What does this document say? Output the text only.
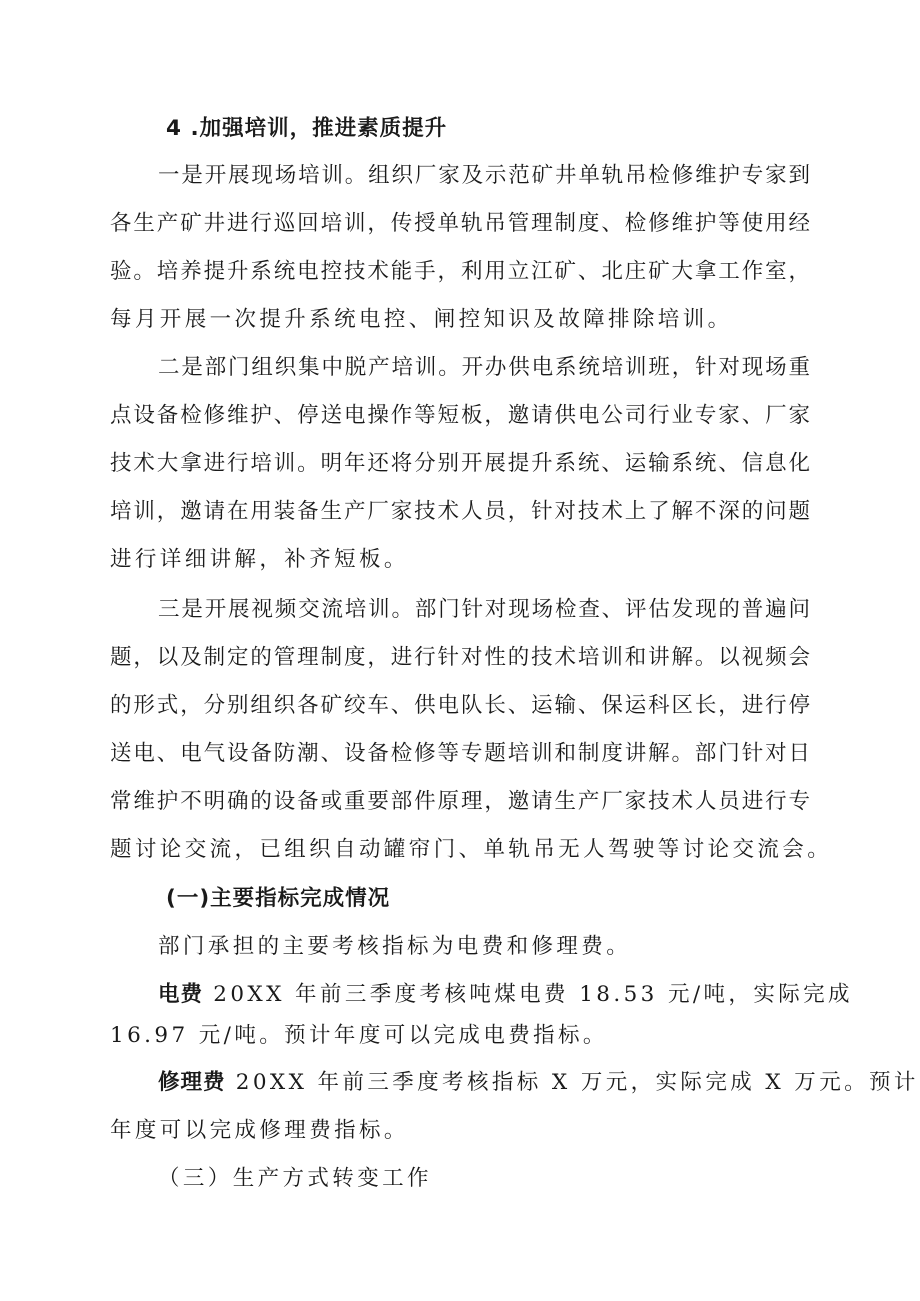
4 .加强培训，推进素质提升
一是开展现场培训。组织厂家及示范矿井单轨吊检修维护专家到
各生产矿井进行巡回培训，传授单轨吊管理制度、检修维护等使用经
验。培养提升系统电控技术能手，利用立江矿、北庄矿大拿工作室，
每月开展一次提升系统电控、闸控知识及故障排除培训。
二是部门组织集中脱产培训。开办供电系统培训班，针对现场重
点设备检修维护、停送电操作等短板，邀请供电公司行业专家、厂家
技术大拿进行培训。明年还将分别开展提升系统、运输系统、信息化
培训，邀请在用装备生产厂家技术人员，针对技术上了解不深的问题
进行详细讲解，补齐短板。
三是开展视频交流培训。部门针对现场检查、评估发现的普遍问
题，以及制定的管理制度，进行针对性的技术培训和讲解。以视频会
的形式，分别组织各矿绞车、供电队长、运输、保运科区长，进行停
送电、电气设备防潮、设备检修等专题培训和制度讲解。部门针对日
常维护不明确的设备或重要部件原理，邀请生产厂家技术人员进行专
题讨论交流，已组织自动罐帘门、单轨吊无人驾驶等讨论交流会。
(一)主要指标完成情况
部门承担的主要考核指标为电费和修理费。
电费 20XX 年前三季度考核吨煤电费 18.53 元/吨，实际完成
16.97 元/吨。预计年度可以完成电费指标。
修理费 20XX 年前三季度考核指标 X 万元，实际完成 X 万元。预计
年度可以完成修理费指标。
（三）生产方式转变工作
